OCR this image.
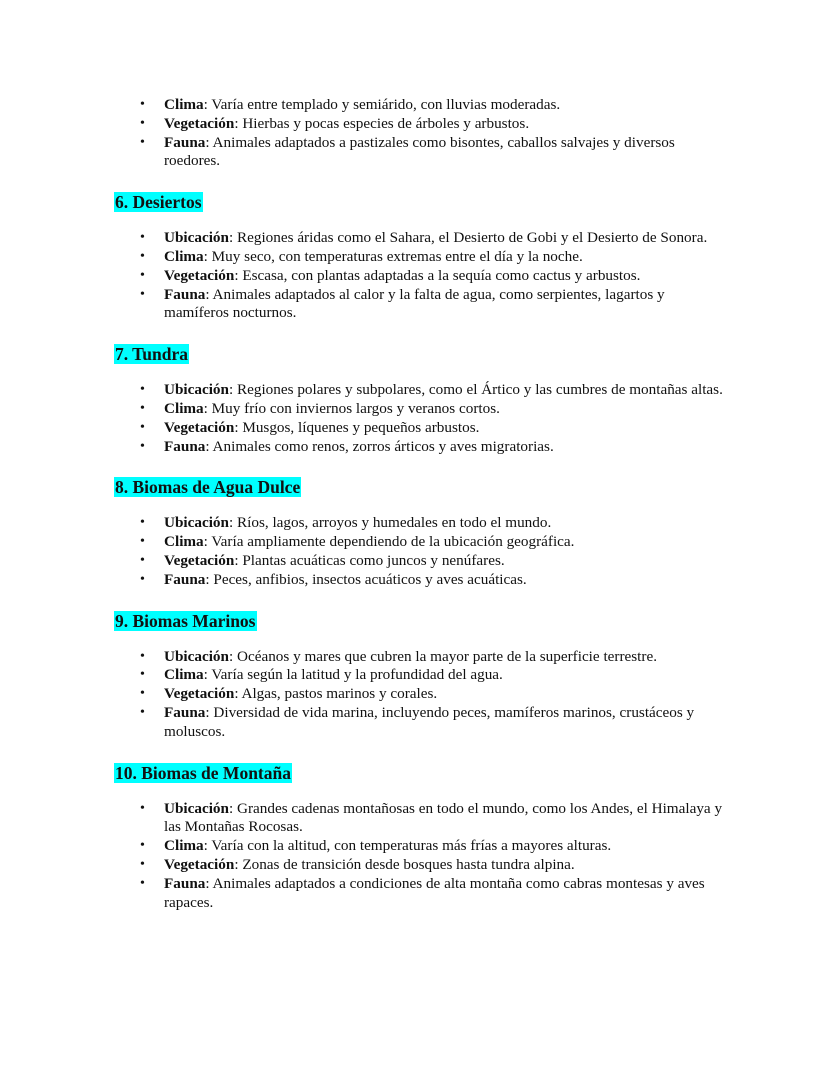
• Clima: Varía entre templado y semiárido, con lluvias moderadas.
• Vegetación: Hierbas y pocas especies de árboles y arbustos.
• Fauna: Animales adaptados a pastizales como bisontes, caballos salvajes y diversos roedores.
6. Desiertos
• Ubicación: Regiones áridas como el Sahara, el Desierto de Gobi y el Desierto de Sonora.
• Clima: Muy seco, con temperaturas extremas entre el día y la noche.
• Vegetación: Escasa, con plantas adaptadas a la sequía como cactus y arbustos.
• Fauna: Animales adaptados al calor y la falta de agua, como serpientes, lagartos y mamíferos nocturnos.
7. Tundra
• Ubicación: Regiones polares y subpolares, como el Ártico y las cumbres de montañas altas.
• Clima: Muy frío con inviernos largos y veranos cortos.
• Vegetación: Musgos, líquenes y pequeños arbustos.
• Fauna: Animales como renos, zorros árticos y aves migratorias.
8. Biomas de Agua Dulce
• Ubicación: Ríos, lagos, arroyos y humedales en todo el mundo.
• Clima: Varía ampliamente dependiendo de la ubicación geográfica.
• Vegetación: Plantas acuáticas como juncos y nenúfares.
• Fauna: Peces, anfibios, insectos acuáticos y aves acuáticas.
9. Biomas Marinos
• Ubicación: Océanos y mares que cubren la mayor parte de la superficie terrestre.
• Clima: Varía según la latitud y la profundidad del agua.
• Vegetación: Algas, pastos marinos y corales.
• Fauna: Diversidad de vida marina, incluyendo peces, mamíferos marinos, crustáceos y moluscos.
10. Biomas de Montaña
• Ubicación: Grandes cadenas montañosas en todo el mundo, como los Andes, el Himalaya y las Montañas Rocosas.
• Clima: Varía con la altitud, con temperaturas más frías a mayores alturas.
• Vegetación: Zonas de transición desde bosques hasta tundra alpina.
• Fauna: Animales adaptados a condiciones de alta montaña como cabras montesas y aves rapaces.
